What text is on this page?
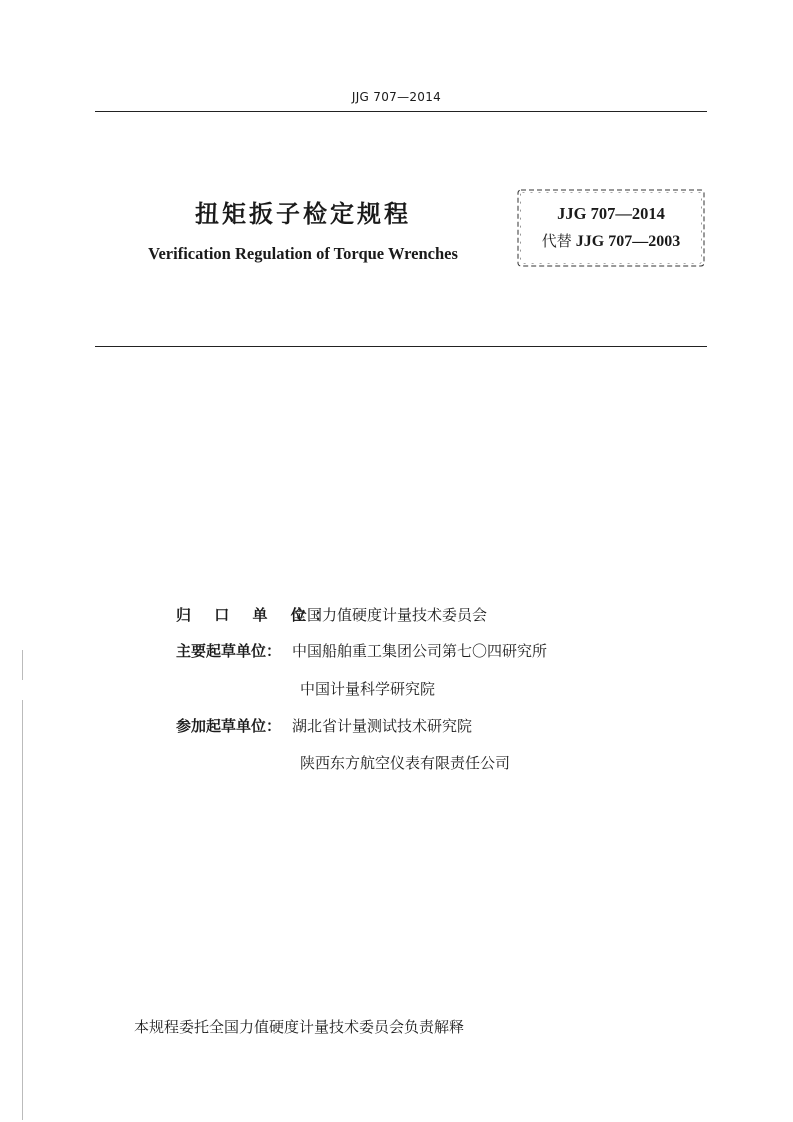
JJG 707—2014
扭矩扳子检定规程
Verification Regulation of Torque Wrenches
JJG 707—2014
代替 JJG 707—2003
归 口 单 位：全国力值硬度计量技术委员会
主要起草单位： 中国船舶重工集团公司第七〇四研究所
中国计量科学研究院
参加起草单位： 湖北省计量测试技术研究院
陕西东方航空仪表有限责任公司
本规程委托全国力值硬度计量技术委员会负责解释
